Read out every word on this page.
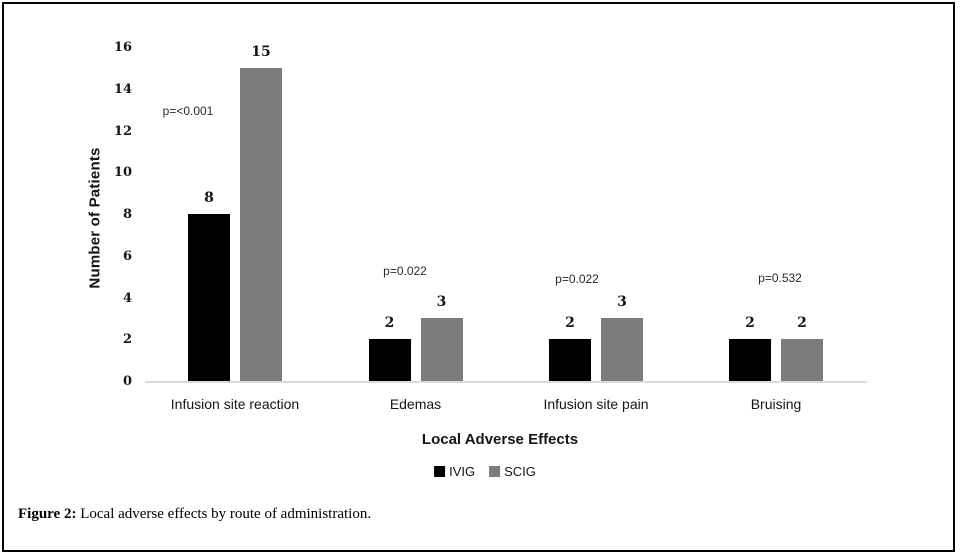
Number of Patients
0
2
4
6
8
10
12
14
16
8
15
p=<0.001
Infusion site reaction
2
3
p=0.022
Edemas
2
3
p=0.022
Infusion site pain
2	2
p=0.532
Bruising
Local Adverse Effects
IVIG SCIG
Figure 2: Local adverse effects by route of administration.
